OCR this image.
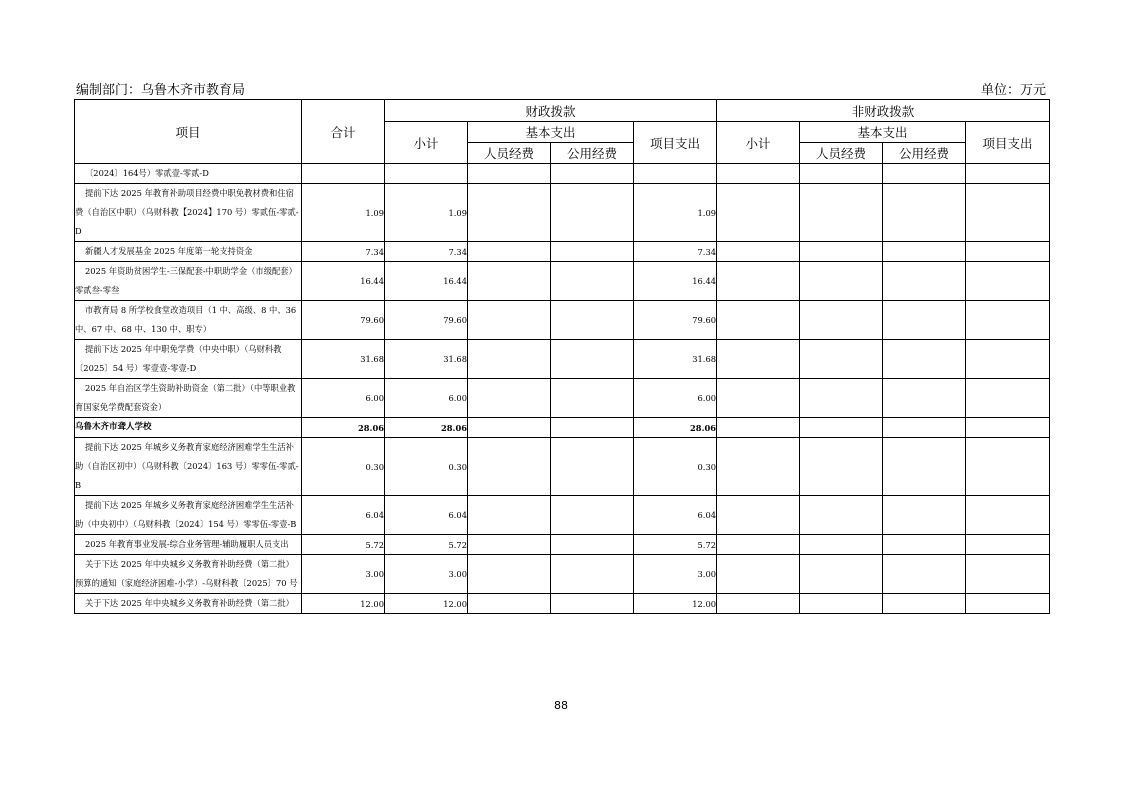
编制部门：乌鲁木齐市教育局	单位：万元
项目	合计	财政拨款				非财政拨款			
		小计	基本支出		项目支出	小计	基本支出		项目支出
			人员经费	公用经费			人员经费	公用经费	
〔2024〕164号）零贰壹-零贰-D									
提前下达 2025 年教育补助项目经费中职免教材费和住宿费（自治区中职）（乌财科教【2024】170 号）零贰伍-零贰-D	1.09	1.09			1.09				
新疆人才发展基金 2025 年度第一轮支持资金	7.34	7.34			7.34				
2025 年资助贫困学生-三保配套-中职助学金（市级配套）零贰叁-零叁	16.44	16.44			16.44				
市教育局 8 所学校食堂改造项目（1 中、高级、8 中、36 中、67 中、68 中、130 中、职专）	79.60	79.60			79.60				
提前下达 2025 年中职免学费（中央中职）（乌财科教〔2025〕54 号）零壹壹-零壹-D	31.68	31.68			31.68				
2025 年自治区学生资助补助资金（第二批）（中等职业教育国家免学费配套资金）	6.00	6.00			6.00				
乌鲁木齐市聋人学校	28.06	28.06			28.06				
提前下达 2025 年城乡义务教育家庭经济困难学生生活补助（自治区初中）（乌财科教〔2024〕163 号）零零伍-零贰-B	0.30	0.30			0.30				
提前下达 2025 年城乡义务教育家庭经济困难学生生活补助（中央初中）（乌财科教〔2024〕154 号）零零伍-零壹-B	6.04	6.04			6.04				
2025 年教育事业发展-综合业务管理-辅助履职人员支出	5.72	5.72			5.72				
关于下达 2025 年中央城乡义务教育补助经费（第二批）预算的通知（家庭经济困难-小学）-乌财科教〔2025〕70 号	3.00	3.00			3.00				
关于下达 2025 年中央城乡义务教育补助经费（第二批）	12.00	12.00			12.00				
88
